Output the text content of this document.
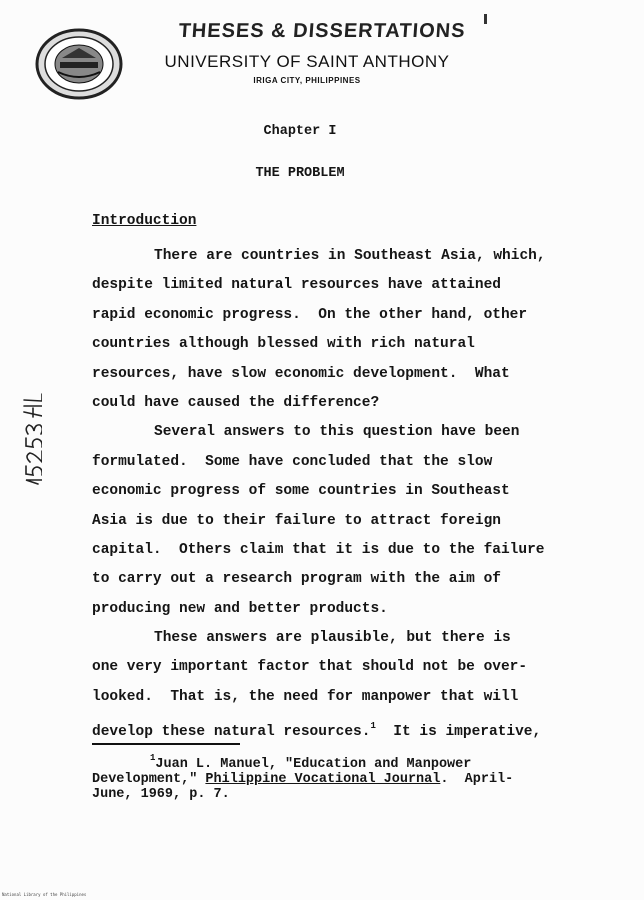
THESES & DISSERTATIONS
UNIVERSITY OF SAINT ANTHONY
IRIGA CITY, PHILIPPINES
Chapter I
THE PROBLEM
Introduction
There are countries in Southeast Asia, which,
despite limited natural resources have attained
rapid economic progress.  On the other hand, other
countries although blessed with rich natural
resources, have slow economic development.  What
could have caused the difference?
Several answers to this question have been
formulated.  Some have concluded that the slow
economic progress of some countries in Southeast
Asia is due to their failure to attract foreign
capital.  Others claim that it is due to the failure
to carry out a research program with the aim of
producing new and better products.
These answers are plausible, but there is
one very important factor that should not be over-
looked.  That is, the need for manpower that will
develop these natural resources.$^1$  It is imperative,
$^1$Juan L. Manuel, "Education and Manpower
Development," Philippine Vocational Journal.  April-
June, 1969, p. 7.
National Library of the Philippines
